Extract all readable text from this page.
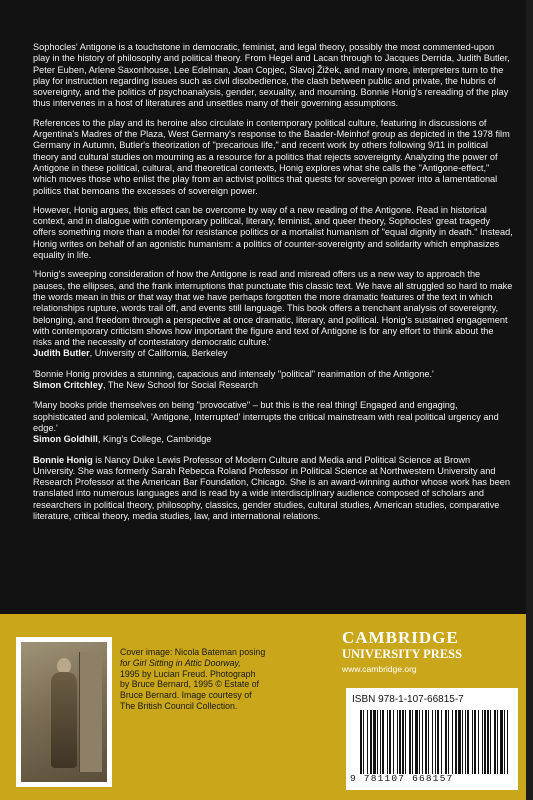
Sophocles' Antigone is a touchstone in democratic, feminist, and legal theory, possibly the most commented-upon play in the history of philosophy and political theory. From Hegel and Lacan through to Jacques Derrida, Judith Butler, Peter Euben, Arlene Saxonhouse, Lee Edelman, Joan Copjec, Slavoj Žižek, and many more, interpreters turn to the play for instruction regarding issues such as civil disobedience, the clash between public and private, the hubris of sovereignty, and the politics of psychoanalysis, gender, sexuality, and mourning. Bonnie Honig's rereading of the play thus intervenes in a host of literatures and unsettles many of their governing assumptions.

References to the play and its heroine also circulate in contemporary political culture, featuring in discussions of Argentina's Madres of the Plaza, West Germany's response to the Baader-Meinhof group as depicted in the 1978 film Germany in Autumn, Butler's theorization of "precarious life," and recent work by others following 9/11 in political theory and cultural studies on mourning as a resource for a politics that rejects sovereignty. Analyzing the power of Antigone in these political, cultural, and theoretical contexts, Honig explores what she calls the "Antigone-effect," which moves those who enlist the play from an activist politics that quests for sovereign power into a lamentational politics that bemoans the excesses of sovereign power.

However, Honig argues, this effect can be overcome by way of a new reading of the Antigone. Read in historical context, and in dialogue with contemporary political, literary, feminist, and queer theory, Sophocles' great tragedy offers something more than a model for resistance politics or a mortalist humanism of "equal dignity in death." Instead, Honig writes on behalf of an agonistic humanism: a politics of counter-sovereignty and solidarity which emphasizes equality in life.

'Honig's sweeping consideration of how the Antigone is read and misread offers us a new way to approach the pauses, the ellipses, and the frank interruptions that punctuate this classic text. We have all struggled so hard to make the words mean in this or that way that we have perhaps forgotten the more dramatic features of the text in which relationships rupture, words trail off, and events still language. This book offers a trenchant analysis of sovereignty, belonging, and freedom through a perspective at once dramatic, literary, and political. Honig's sustained engagement with contemporary criticism shows how important the figure and text of Antigone is for any effort to think about the risks and the necessity of contestatory democratic culture.'
Judith Butler, University of California, Berkeley
'Bonnie Honig provides a stunning, capacious and intensely "political" reanimation of the Antigone.'
Simon Critchley, The New School for Social Research
'Many books pride themselves on being "provocative" – but this is the real thing! Engaged and engaging, sophisticated and polemical, 'Antigone, Interrupted' interrupts the critical mainstream with real political urgency and edge.'
Simon Goldhill, King's College, Cambridge

Bonnie Honig is Nancy Duke Lewis Professor of Modern Culture and Media and Political Science at Brown University. She was formerly Sarah Rebecca Roland Professor in Political Science at Northwestern University and Research Professor at the American Bar Foundation, Chicago. She is an award-winning author whose work has been translated into numerous languages and is read by a wide interdisciplinary audience composed of scholars and researchers in political theory, philosophy, classics, gender studies, cultural studies, American studies, comparative literature, critical theory, media studies, law, and international relations.

Cover image: Nicola Bateman posing

for Girl Sitting in Attic Doorway,

1995 by Lucian Freud. Photograph

by Bruce Bernard, 1995 © Estate of

Bruce Bernard. Image courtesy of

The British Council Collection.

CAMBRIDGE
UNIVERSITY PRESS
www.cambridge.org
ISBN 978-1-107-66815-7
9 781107 668157
